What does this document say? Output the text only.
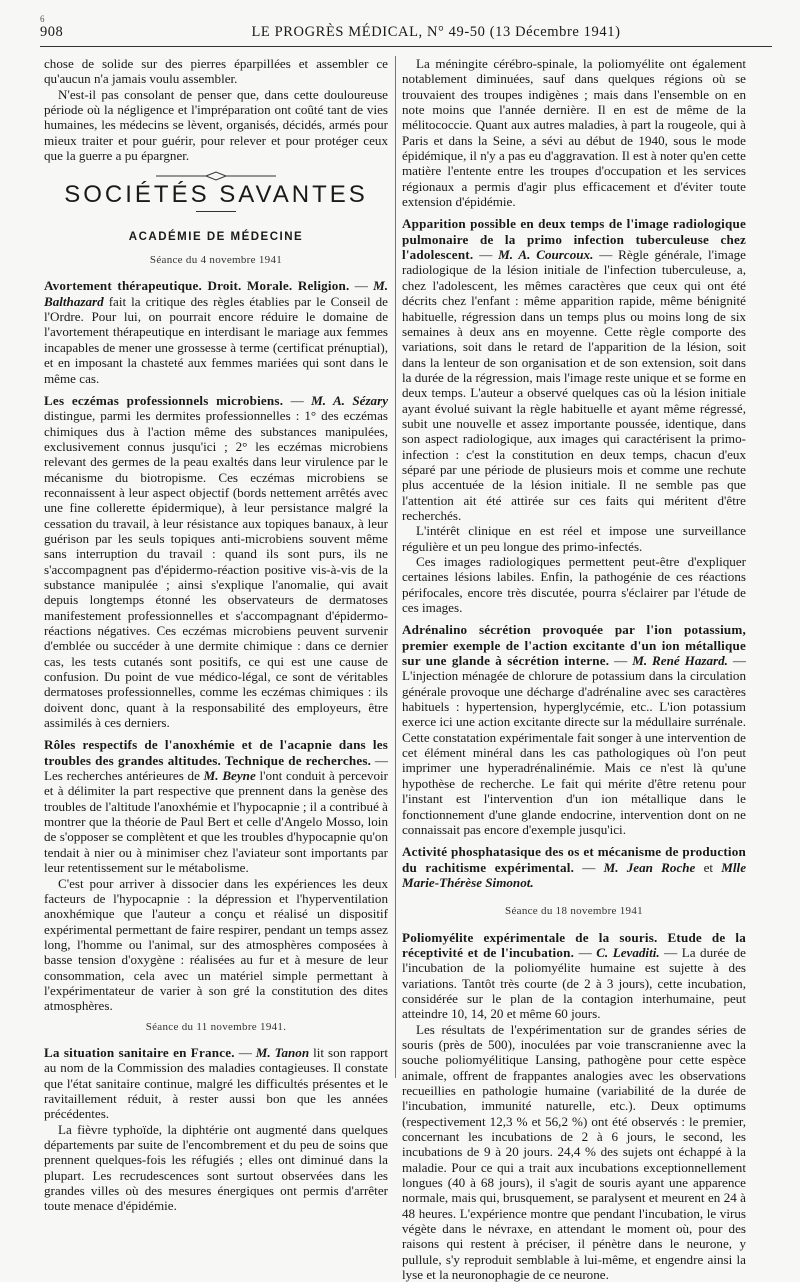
6
908	LE PROGRÈS MÉDICAL, N° 49-50 (13 Décembre 1941)

chose de solide sur des pierres éparpillées et assembler ce qu'aucun n'a jamais voulu assembler.

N'est-il pas consolant de penser que, dans cette douloureuse période où la négligence et l'impréparation ont coûté tant de vies humaines, les médecins se lèvent, organisés, décidés, armés pour mieux traiter et pour guérir, pour relever et pour protéger ceux que la guerre a pu épargner.

SOCIÉTÉS SAVANTES
ACADÉMIE DE MÉDECINE
Séance du 4 novembre 1941

Avortement thérapeutique. Droit. Morale. Religion. — M. Balthazard fait la critique des règles établies par le Conseil de l'Ordre. Pour lui, on pourrait encore réduire le domaine de l'avortement thérapeutique en interdisant le mariage aux femmes incapables de mener une grossesse à terme (certificat prénuptial), et en imposant la chasteté aux femmes mariées qui sont dans le même cas.

Les eczémas professionnels microbiens. — M. A. Sézary distingue, parmi les dermites professionnelles : 1° des eczémas chimiques dus à l'action même des substances manipulées, exclusivement connus jusqu'ici ; 2° les eczémas microbiens relevant des germes de la peau exaltés dans leur virulence par le mécanisme du biotropisme. Ces eczémas microbiens se reconnaissent à leur aspect objectif (bords nettement arrêtés avec une fine collerette épidermique), à leur persistance malgré la cessation du travail, à leur résistance aux topiques banaux, à leur guérison par les seuls topiques anti-microbiens souvent même sans interruption du travail : quand ils sont purs, ils ne s'accompagnent pas d'épidermo-réaction positive vis-à-vis de la substance manipulée ; ainsi s'explique l'anomalie, qui avait depuis longtemps étonné les observateurs de dermatoses manifestement professionnelles et s'accompagnant d'épidermo-réactions négatives. Ces eczémas microbiens peuvent survenir d'emblée ou succéder à une dermite chimique : dans ce dernier cas, les tests cutanés sont positifs, ce qui est une cause de confusion. Du point de vue médico-légal, ce sont de véritables dermatoses professionnelles, comme les eczémas chimiques : ils doivent donc, quant à la responsabilité des employeurs, être assimilés à ces derniers.

Rôles respectifs de l'anoxhémie et de l'acapnie dans les troubles des grandes altitudes. Technique de recherches. — Les recherches antérieures de M. Beyne l'ont conduit à percevoir et à délimiter la part respective que prennent dans la genèse des troubles de l'altitude l'anoxhémie et l'hypocapnie ; il a contribué à montrer que la théorie de Paul Bert et celle d'Angelo Mosso, loin de s'opposer se complètent et que les troubles d'hypocapnie qu'on tendait à nier ou à minimiser chez l'aviateur sont importants par leur retentissement sur le métabolisme.

C'est pour arriver à dissocier dans les expériences les deux facteurs de l'hypocapnie : la dépression et l'hyperventilation anoxhémique que l'auteur a conçu et réalisé un dispositif expérimental permettant de faire respirer, pendant un temps assez long, l'homme ou l'animal, sur des atmosphères composées à basse tension d'oxygène : réalisées au fur et à mesure de leur consommation, cela avec un matériel simple permettant à l'expérimentateur de varier à son gré la constitution des dites atmosphères.

Séance du 11 novembre 1941.

La situation sanitaire en France. — M. Tanon lit son rapport au nom de la Commission des maladies contagieuses. Il constate que l'état sanitaire continue, malgré les difficultés présentes et le ravitaillement réduit, à rester aussi bon que les années précédentes.

La fièvre typhoïde, la diphtérie ont augmenté dans quelques départements par suite de l'encombrement et du peu de soins que prennent quelques-fois les réfugiés ; elles ont diminué dans la plupart. Les recrudescences sont surtout observées dans les grandes villes où des mesures énergiques ont permis d'arrêter toute menace d'épidémie.

La méningite cérébro-spinale, la poliomyélite ont également notablement diminuées, sauf dans quelques régions où se trouvaient des troupes indigènes ; mais dans l'ensemble on en note moins que l'année dernière. Il en est de même de la mélitococcie. Quant aux autres maladies, à part la rougeole, qui à Paris et dans la Seine, a sévi au début de 1940, sous le mode épidémique, il n'y a pas eu d'aggravation. Il est à noter qu'en cette matière l'entente entre les troupes d'occupation et les services régionaux a permis d'agir plus efficacement et d'éviter toute extension d'épidémie.

Apparition possible en deux temps de l'image radiologique pulmonaire de la primo infection tuberculeuse chez l'adolescent. — M. A. Courcoux. — Règle générale, l'image radiologique de la lésion initiale de l'infection tuberculeuse, a, chez l'adolescent, les mêmes caractères que ceux qui ont été décrits chez l'enfant : même apparition rapide, même bénignité habituelle, régression dans un temps plus ou moins long de six semaines à deux ans en moyenne. Cette règle comporte des variations, soit dans le retard de l'apparition de la lésion, soit dans la lenteur de son organisation et de son extension, soit dans la durée de la régression, mais l'image reste unique et se forme en deux temps. L'auteur a observé quelques cas où la lésion initiale ayant évolué suivant la règle habituelle et ayant même régressé, subit une nouvelle et assez importante poussée, identique, dans son aspect radiologique, aux images qui caractérisent la primo-infection : c'est la constitution en deux temps, chacun d'eux séparé par une période de plusieurs mois et comme une rechute plus accentuée de la lésion initiale. Il ne semble pas que l'attention ait été attirée sur ces faits qui méritent d'être recherchés.

L'intérêt clinique en est réel et impose une surveillance régulière et un peu longue des primo-infectés.

Ces images radiologiques permettent peut-être d'expliquer certaines lésions labiles. Enfin, la pathogénie de ces réactions périfocales, encore très discutée, pourra s'éclairer par l'étude de ces images.

Adrénalino sécrétion provoquée par l'ion potassium, premier exemple de l'action excitante d'un ion métallique sur une glande à sécrétion interne. — M. René Hazard. — L'injection ménagée de chlorure de potassium dans la circulation générale provoque une décharge d'adrénaline avec ses caractères habituels : hypertension, hyperglycémie, etc.. L'ion potassium exerce ici une action excitante directe sur la médullaire surrénale. Cette constatation expérimentale fait songer à une intervention de cet élément minéral dans les cas pathologiques où l'on peut imprimer une hyperadrénalinémie. Mais ce n'est là qu'une hypothèse de recherche. Le fait qui mérite d'être retenu pour l'instant est l'intervention d'un ion métallique dans le fonctionnement d'une glande endocrine, intervention dont on ne connaissait pas encore d'exemple jusqu'ici.

Activité phosphatasique des os et mécanisme de production du rachitisme expérimental. — M. Jean Roche et Mlle Marie-Thérèse Simonot.

Séance du 18 novembre 1941

Poliomyélite expérimentale de la souris. Etude de la réceptivité et de l'incubation. — C. Levaditi. — La durée de l'incubation de la poliomyélite humaine est sujette à des variations. Tantôt très courte (de 2 à 3 jours), cette incubation, considérée sur le plan de la contagion interhumaine, peut atteindre 10, 14, 20 et même 60 jours.

Les résultats de l'expérimentation sur de grandes séries de souris (près de 500), inoculées par voie transcranienne avec la souche poliomyélitique Lansing, pathogène pour cette espèce animale, offrent de frappantes analogies avec les observations recueillies en pathologie humaine (variabilité de la durée de l'incubation, immunité naturelle, etc.). Deux optimums (respectivement 12,3 % et 56,2 %) ont été observés : le premier, concernant les incubations de 2 à 6 jours, le second, les incubations de 9 à 20 jours. 24,4 % des sujets ont échappé à la maladie. Pour ce qui a trait aux incubations exceptionnellement longues (40 à 68 jours), il s'agit de souris ayant une apparence normale, mais qui, brusquement, se paralysent et meurent en 24 à 48 heures. L'expérience montre que pendant l'incubation, le virus végète dans le névraxe, en attendant le moment où, pour des raisons qui restent à préciser, il pénètre dans le neurone, y pullule, s'y reproduit semblable à lui-même, et engendre ainsi la lyse et la neuronophagie de ce neurone.
